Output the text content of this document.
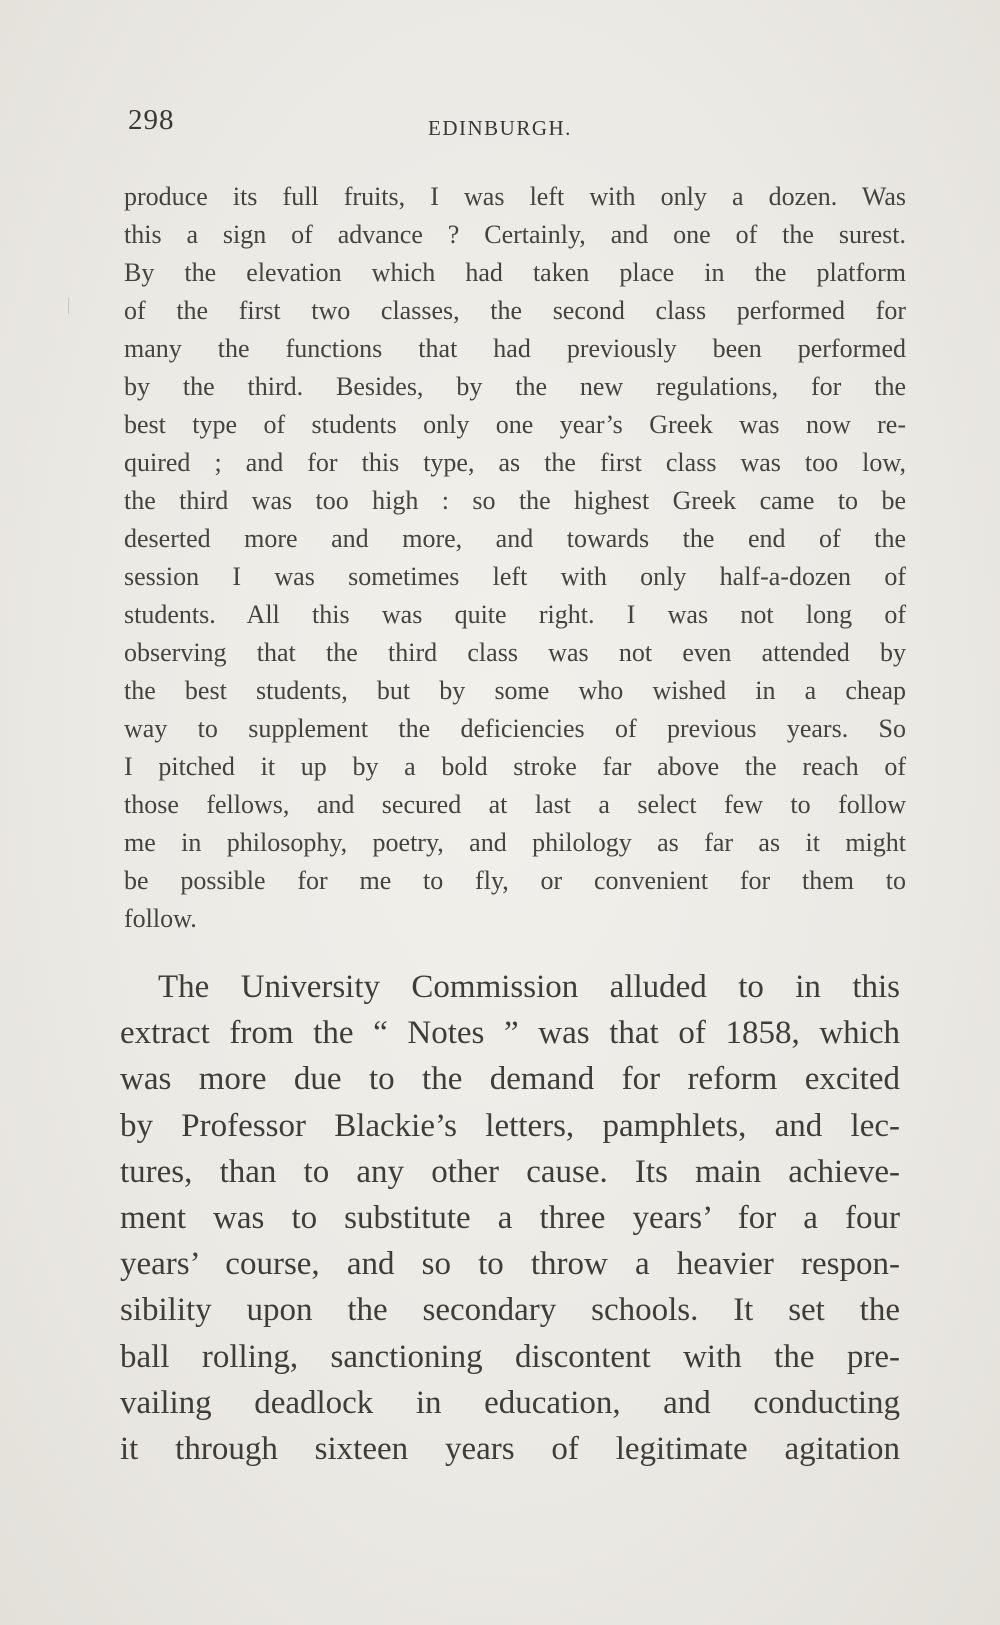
298	EDINBURGH.
produce its full fruits, I was left with only a dozen. Was
this a sign of advance ? Certainly, and one of the surest.
By the elevation which had taken place in the platform
of the first two classes, the second class performed for
many the functions that had previously been performed
by the third. Besides, by the new regulations, for the
best type of students only one year’s Greek was now re-
quired ; and for this type, as the first class was too low,
the third was too high : so the highest Greek came to be
deserted more and more, and towards the end of the
session I was sometimes left with only half-a-dozen of
students. All this was quite right. I was not long of
observing that the third class was not even attended by
the best students, but by some who wished in a cheap
way to supplement the deficiencies of previous years. So
I pitched it up by a bold stroke far above the reach of
those fellows, and secured at last a select few to follow
me in philosophy, poetry, and philology as far as it might
be possible for me to fly, or convenient for them to
follow.
The University Commission alluded to in this
extract from the “ Notes ” was that of 1858, which
was more due to the demand for reform excited
by Professor Blackie’s letters, pamphlets, and lec-
tures, than to any other cause. Its main achieve-
ment was to substitute a three years’ for a four
years’ course, and so to throw a heavier respon-
sibility upon the secondary schools. It set the
ball rolling, sanctioning discontent with the pre-
vailing deadlock in education, and conducting
it through sixteen years of legitimate agitation
